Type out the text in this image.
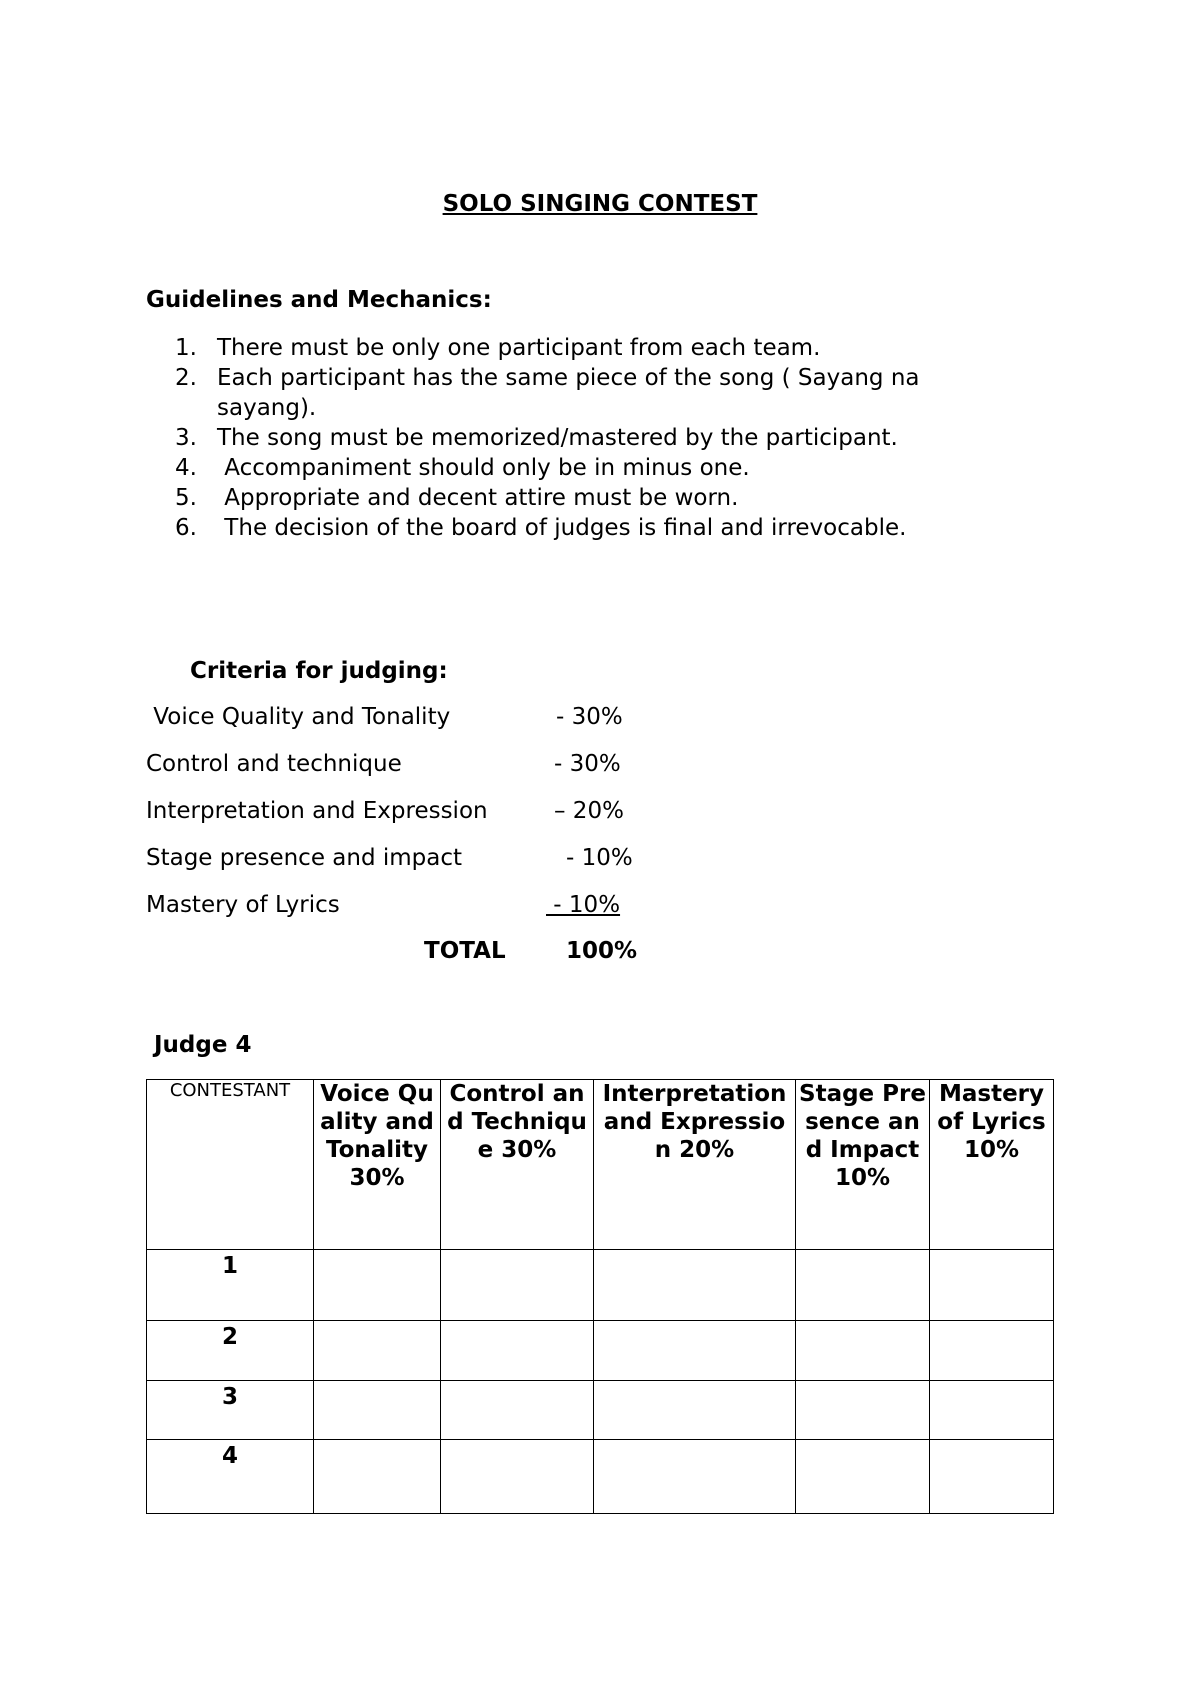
SOLO SINGING CONTEST
Guidelines and Mechanics:
1. There must be only one participant from each team.
2. Each participant has the same piece of the song ( Sayang na sayang).
3. The song must be memorized/mastered by the participant.
4. Accompaniment should only be in minus one.
5. Appropriate and decent attire must be worn.
6. The decision of the board of judges is final and irrevocable.
Criteria for judging:
Voice Quality and Tonality	- 30%
Control and technique	- 30%
Interpretation and Expression	– 20%
Stage presence and impact	- 10%
Mastery of Lyrics	- 10%
TOTAL	100%
Judge 4
CONTESTANT	Voice Quality and Tonality 30%	Control and Technique 30%	Interpretation and Expression 20%	Stage Presence and Impact 10%	Mastery of Lyrics 10%
1					
2					
3					
4					
